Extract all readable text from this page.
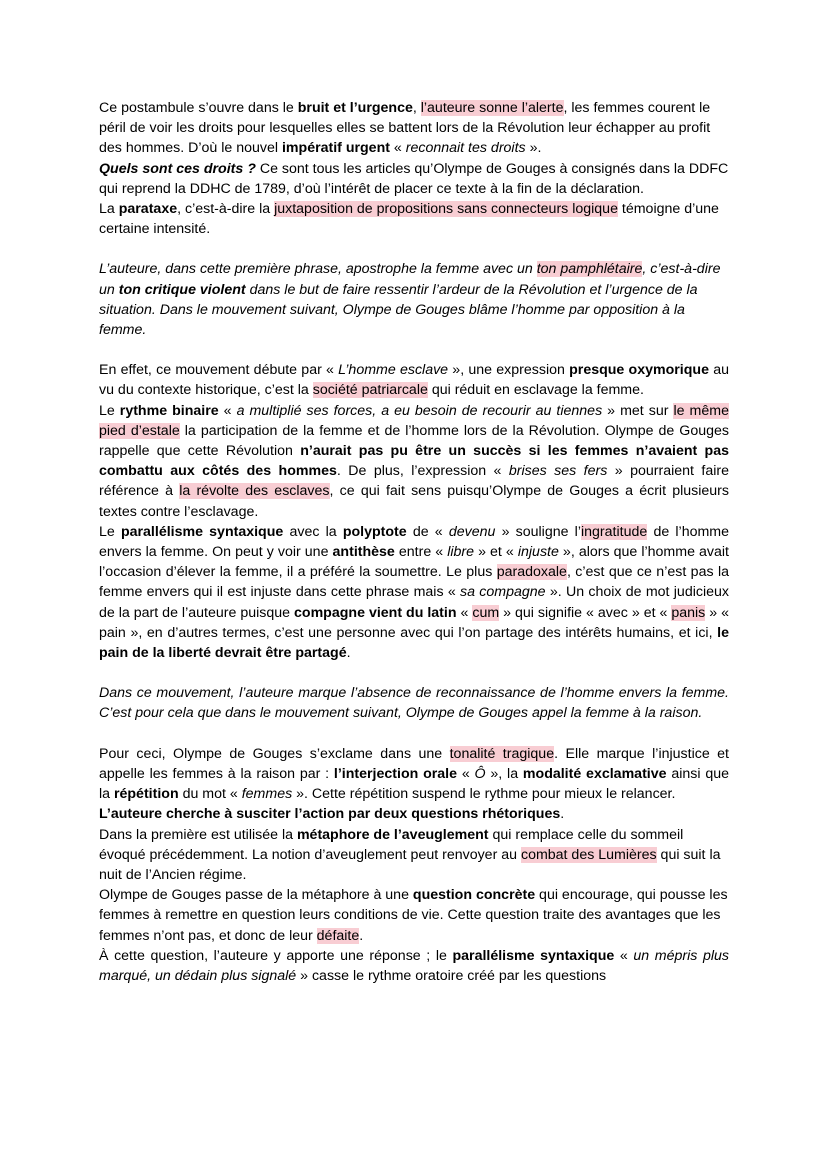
Ce postambule s’ouvre dans le bruit et l’urgence, l’auteure sonne l’alerte, les femmes courent le péril de voir les droits pour lesquelles elles se battent lors de la Révolution leur échapper au profit des hommes. D’où le nouvel impératif urgent « reconnait tes droits ».

Quels sont ces droits ? Ce sont tous les articles qu’Olympe de Gouges à consignés dans la DDFC qui reprend la DDHC de 1789, d’où l’intérêt de placer ce texte à la fin de la déclaration.

La parataxe, c’est-à-dire la juxtaposition de propositions sans connecteurs logique témoigne d’une certaine intensité.

L’auteure, dans cette première phrase, apostrophe la femme avec un ton pamphlétaire, c’est-à-dire un ton critique violent dans le but de faire ressentir l’ardeur de la Révolution et l’urgence de la situation. Dans le mouvement suivant, Olympe de Gouges blâme l’homme par opposition à la femme.

En effet, ce mouvement débute par « L’homme esclave », une expression presque oxymorique au vu du contexte historique, c’est la société patriarcale qui réduit en esclavage la femme.

Le rythme binaire « a multiplié ses forces, a eu besoin de recourir au tiennes » met sur le même pied d’estale la participation de la femme et de l’homme lors de la Révolution. Olympe de Gouges rappelle que cette Révolution n’aurait pas pu être un succès si les femmes n’avaient pas combattu aux côtés des hommes. De plus, l’expression « brises ses fers » pourraient faire référence à la révolte des esclaves, ce qui fait sens puisqu’Olympe de Gouges a écrit plusieurs textes contre l’esclavage.

Le parallélisme syntaxique avec la polyptote de « devenu » souligne l’ingratitude de l’homme envers la femme. On peut y voir une antithèse entre « libre » et « injuste », alors que l’homme avait l’occasion d’élever la femme, il a préféré la soumettre. Le plus paradoxale, c’est que ce n’est pas la femme envers qui il est injuste dans cette phrase mais « sa compagne ». Un choix de mot judicieux de la part de l’auteure puisque compagne vient du latin « cum » qui signifie « avec » et « panis » « pain », en d’autres termes, c’est une personne avec qui l’on partage des intérêts humains, et ici, le pain de la liberté devrait être partagé.

Dans ce mouvement, l’auteure marque l’absence de reconnaissance de l’homme envers la femme. C’est pour cela que dans le mouvement suivant, Olympe de Gouges appel la femme à la raison.

Pour ceci, Olympe de Gouges s’exclame dans une tonalité tragique. Elle marque l’injustice et appelle les femmes à la raison par : l’interjection orale « Ô », la modalité exclamative ainsi que la répétition du mot « femmes ». Cette répétition suspend le rythme pour mieux le relancer.

L’auteure cherche à susciter l’action par deux questions rhétoriques.

Dans la première est utilisée la métaphore de l’aveuglement qui remplace celle du sommeil évoqué précédemment. La notion d’aveuglement peut renvoyer au combat des Lumières qui suit la nuit de l’Ancien régime.

Olympe de Gouges passe de la métaphore à une question concrète qui encourage, qui pousse les femmes à remettre en question leurs conditions de vie. Cette question traite des avantages que les femmes n’ont pas, et donc de leur défaite.

À cette question, l’auteure y apporte une réponse ; le parallélisme syntaxique « un mépris plus marqué, un dédain plus signalé » casse le rythme oratoire créé par les questions
